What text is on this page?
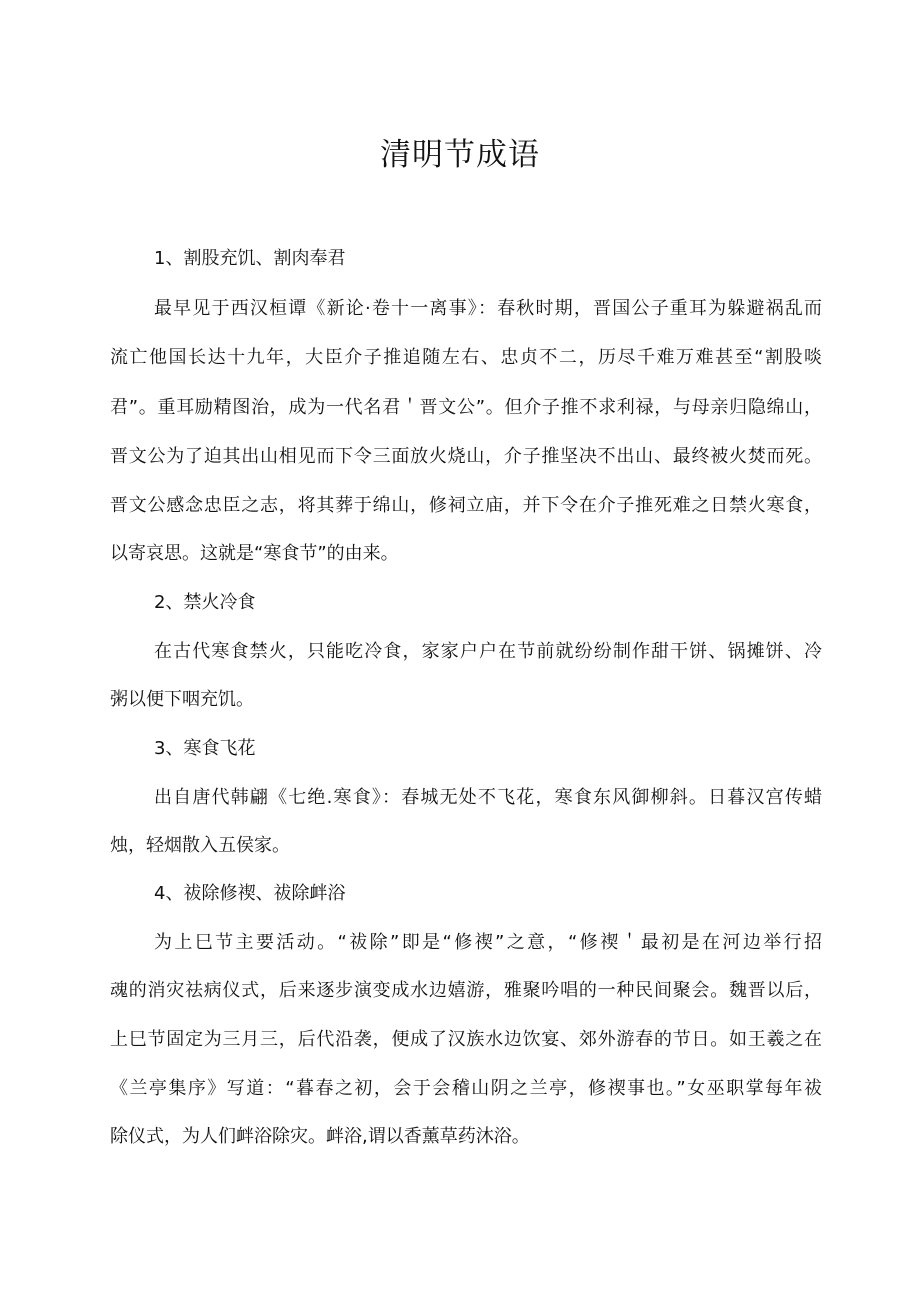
清明节成语

1、割股充饥、割肉奉君

最早见于西汉桓谭《新论·卷十一离事》：春秋时期，晋国公子重耳为躲避祸乱而

流亡他国长达十九年，大臣介子推追随左右、忠贞不二，历尽千难万难甚至“割股啖

君”。重耳励精图治，成为一代名君＇晋文公”。但介子推不求利禄，与母亲归隐绵山，

晋文公为了迫其出山相见而下令三面放火烧山，介子推坚决不出山、最终被火焚而死。

晋文公感念忠臣之志，将其葬于绵山，修祠立庙，并下令在介子推死难之日禁火寒食，

以寄哀思。这就是“寒食节”的由来。

2、禁火冷食

在古代寒食禁火，只能吃冷食，家家户户在节前就纷纷制作甜干饼、锅摊饼、冷

粥以便下咽充饥。

3、寒食飞花

出自唐代韩翩《七绝.寒食》：春城无处不飞花，寒食东风御柳斜。日暮汉宫传蜡

烛，轻烟散入五侯家。

4、祓除修禊、祓除衅浴

为上巳节主要活动。“祓除”即是“修禊”之意，“修禊＇最初是在河边举行招

魂的消灾祛病仪式，后来逐步演变成水边嬉游，雅聚吟唱的一种民间聚会。魏晋以后，

上巳节固定为三月三，后代沿袭，便成了汉族水边饮宴、郊外游春的节日。如王羲之在

《兰亭集序》写道：“暮春之初，会于会稽山阴之兰亭，修禊事也。”女巫职掌每年祓

除仪式，为人们衅浴除灾。衅浴,谓以香薰草药沐浴。
